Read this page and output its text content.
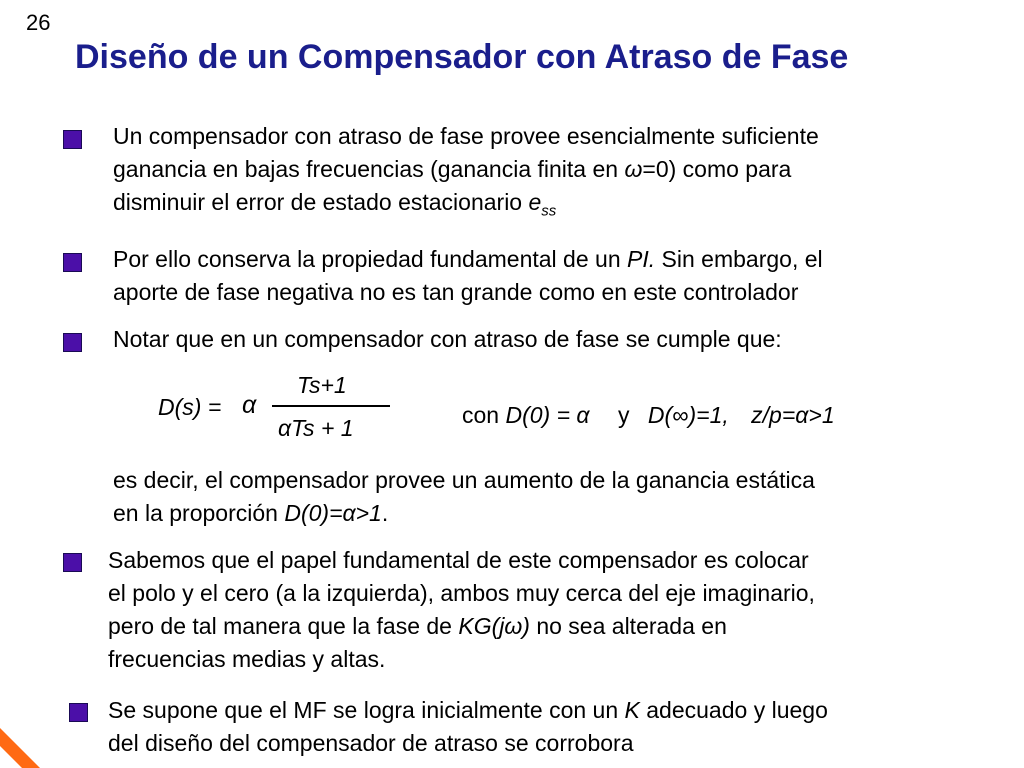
26
Diseño de un Compensador con Atraso de Fase
Un compensador con atraso de fase provee esencialmente suficiente
ganancia en bajas frecuencias (ganancia finita en ω=0) como para
disminuir el error de estado estacionario $e_{ss}$
Por ello conserva la propiedad fundamental de un PI. Sin embargo, el
aporte de fase negativa no es tan grande como en este controlador
Notar que en un compensador con atraso de fase se cumple que:
D(s) = α
Ts+1
αTs + 1	con D(0) = α y D(∞)=1, z/p=α>1
es decir, el compensador provee un aumento de la ganancia estática
en la proporción D(0)=α>1.
Sabemos que el papel fundamental de este compensador es colocar
el polo y el cero (a la izquierda), ambos muy cerca del eje imaginario,
pero de tal manera que la fase de KG(jω) no sea alterada en
frecuencias medias y altas.
Se supone que el MF se logra inicialmente con un K adecuado y luego
del diseño del compensador de atraso se corrobora
